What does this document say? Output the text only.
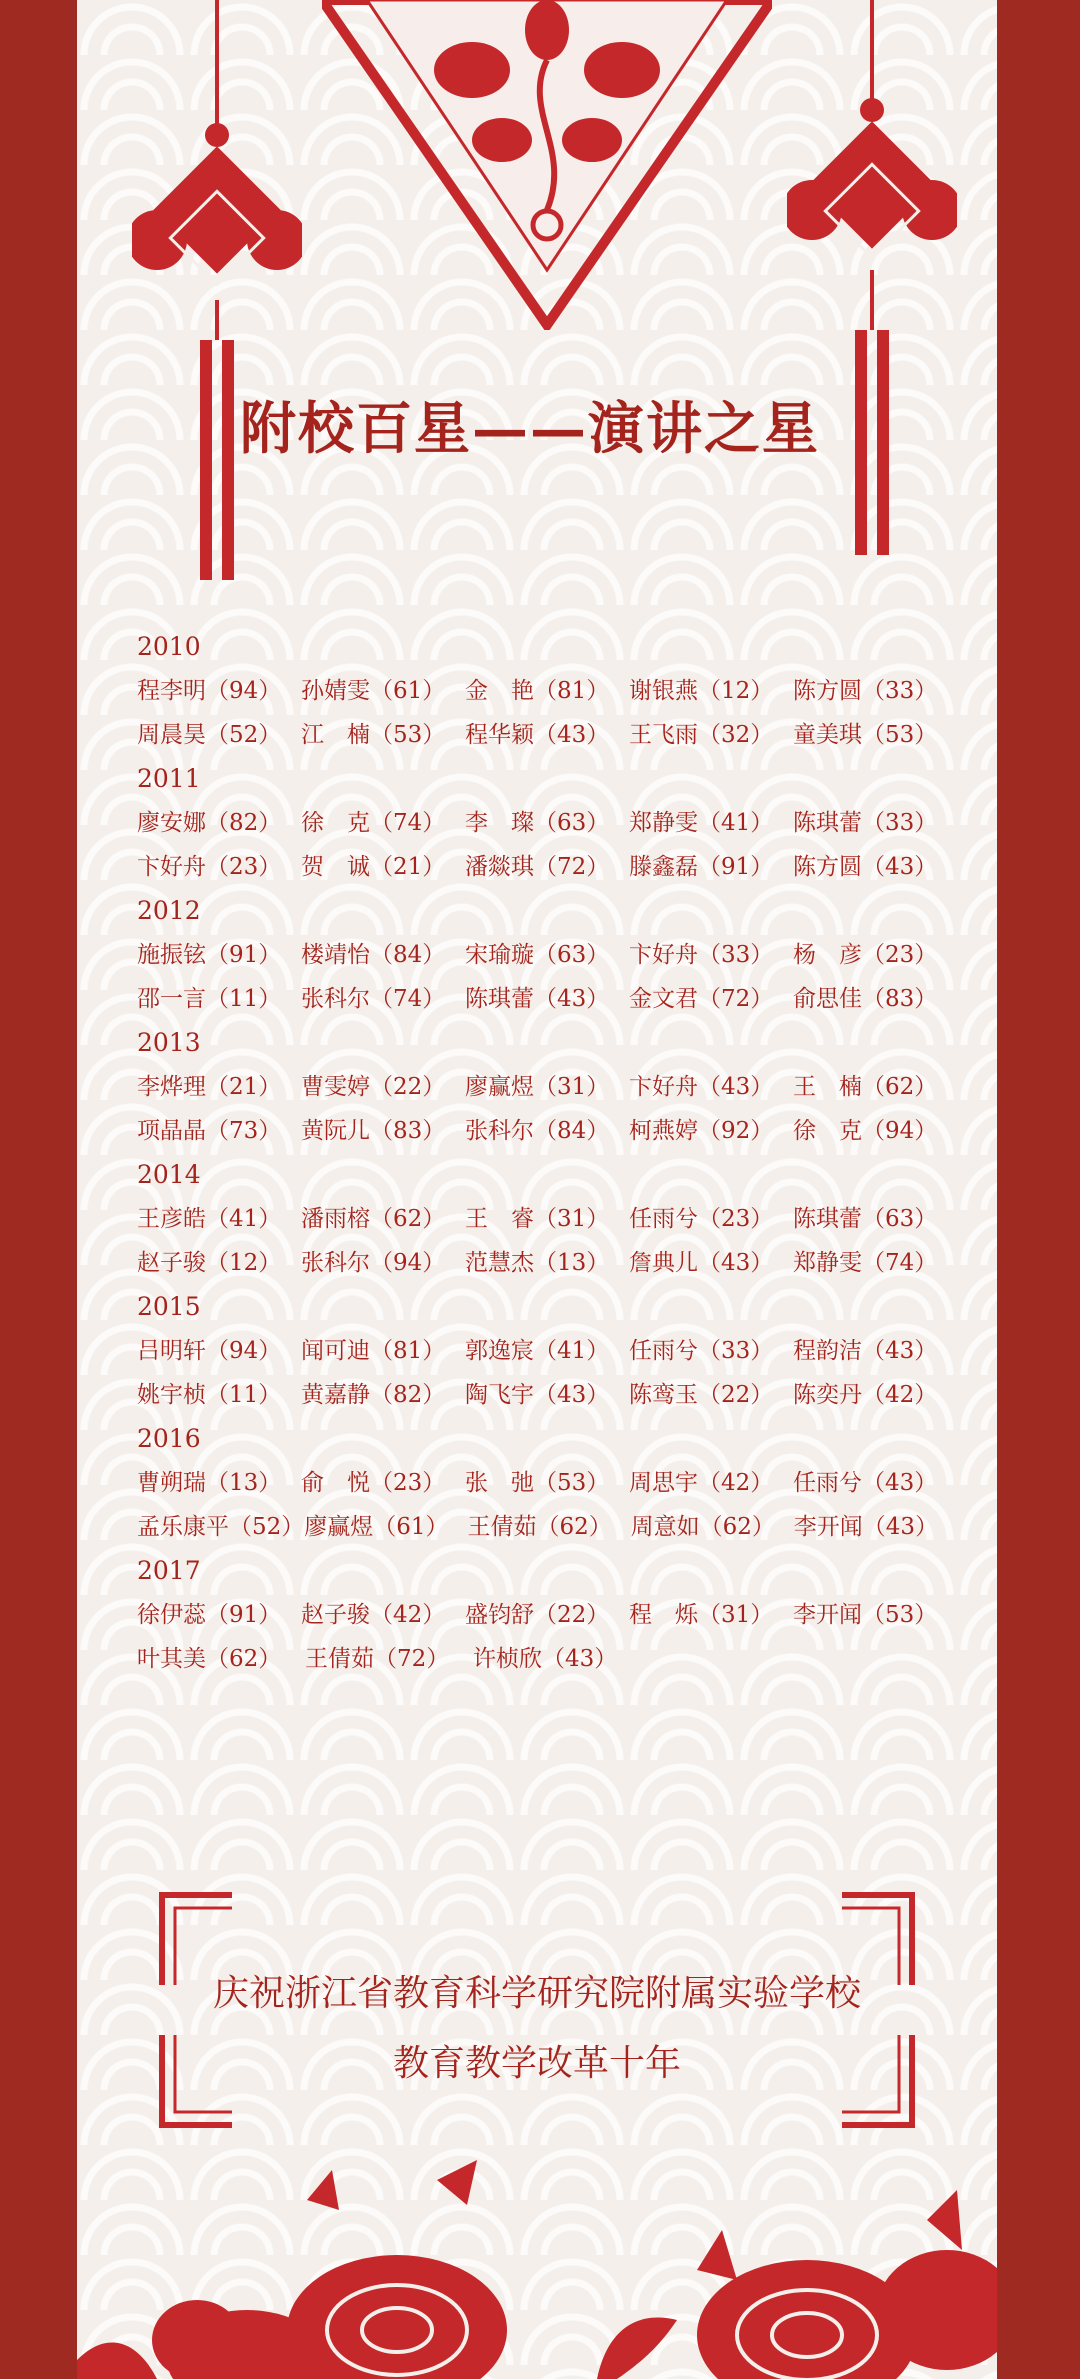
附校百星——演讲之星
2010
程李明（94） 孙婧雯（61） 金　艳（81） 谢银燕（12） 陈方圆（33）
周晨昊（52） 江　楠（53） 程华颖（43） 王飞雨（32） 童美琪（53）
2011
廖安娜（82） 徐　克（74） 李　璨（63） 郑静雯（41） 陈琪蕾（33）
卞好舟（23） 贺　诚（21） 潘燚琪（72） 滕鑫磊（91） 陈方圆（43）
2012
施振铉（91） 楼靖怡（84） 宋瑜璇（63） 卞好舟（33） 杨　彦（23）
邵一言（11） 张科尔（74） 陈琪蕾（43） 金文君（72） 俞思佳（83）
2013
李烨理（21） 曹雯婷（22） 廖赢煜（31） 卞好舟（43） 王　楠（62）
项晶晶（73） 黄阮儿（83） 张科尔（84） 柯燕婷（92） 徐　克（94）
2014
王彦皓（41） 潘雨榕（62） 王　睿（31） 任雨兮（23） 陈琪蕾（63）
赵子骏（12） 张科尔（94） 范慧杰（13） 詹典儿（43） 郑静雯（74）
2015
吕明轩（94） 闻可迪（81） 郭逸宸（41） 任雨兮（33） 程韵洁（43）
姚宇桢（11） 黄嘉静（82） 陶飞宇（43） 陈鸾玉（22） 陈奕丹（42）
2016
曹朔瑞（13） 俞　悦（23） 张　弛（53） 周思宇（42） 任雨兮（43）
孟乐康平（52） 廖赢煜（61） 王倩茹（62） 周意如（62） 李开闻（43）
2017
徐伊蕊（91） 赵子骏（42） 盛钧舒（22） 程　烁（31） 李开闻（53）
叶其美（62）	王倩茹（72）	许桢欣（43）
庆祝浙江省教育科学研究院附属实验学校
教育教学改革十年
